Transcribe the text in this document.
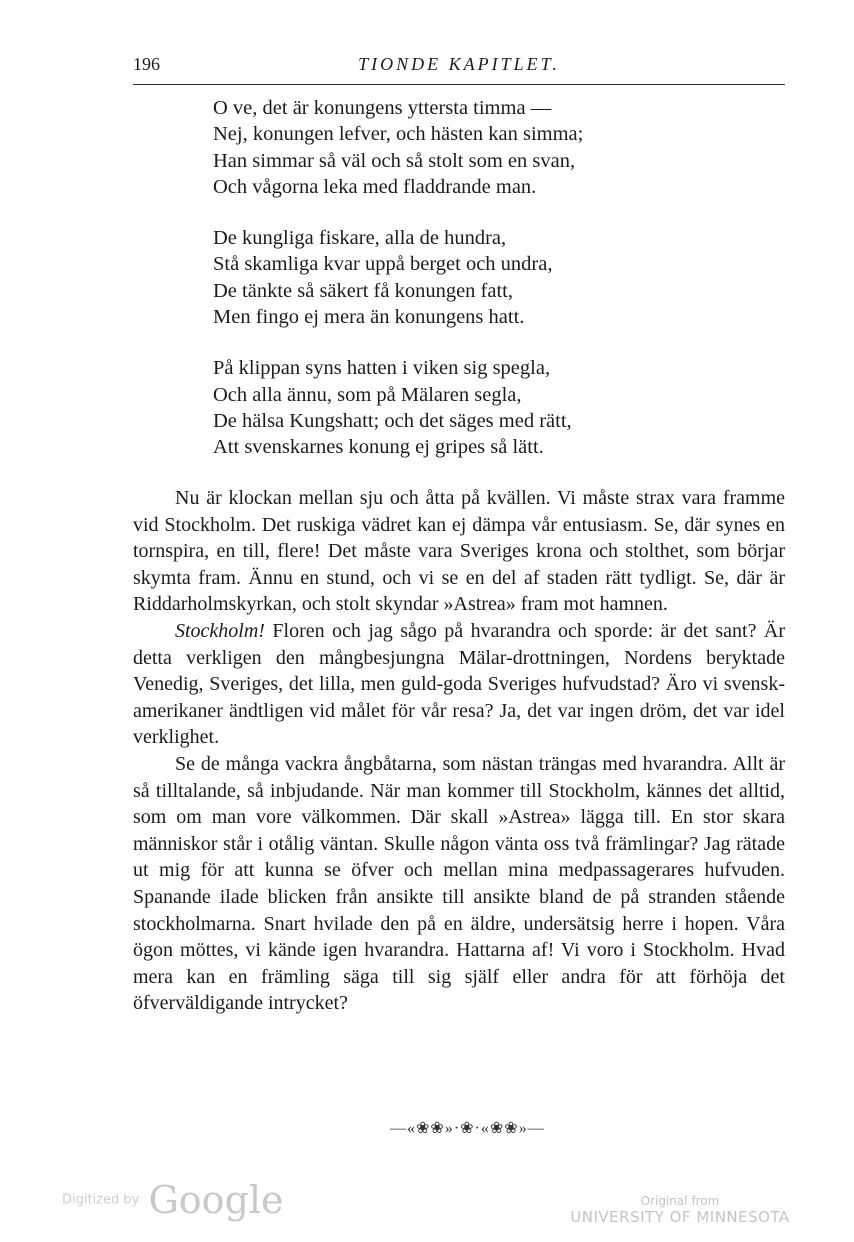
196	TIONDE KAPITLET.
O ve, det är konungens yttersta timma —
Nej, konungen lefver, och hästen kan simma;
Han simmar så väl och så stolt som en svan,
Och vågorna leka med fladdrande man.
De kungliga fiskare, alla de hundra,
Stå skamliga kvar uppå berget och undra,
De tänkte så säkert få konungen fatt,
Men fingo ej mera än konungens hatt.
På klippan syns hatten i viken sig spegla,
Och alla ännu, som på Mälaren segla,
De hälsa Kungshatt; och det säges med rätt,
Att svenskarnes konung ej gripes så lätt.

Nu är klockan mellan sju och åtta på kvällen. Vi måste strax vara framme vid Stockholm. Det ruskiga vädret kan ej dämpa vår entusiasm. Se, där synes en tornspira, en till, flere! Det måste vara Sveriges krona och stolthet, som börjar skymta fram. Ännu en stund, och vi se en del af staden rätt tydligt. Se, där är Riddarholmskyrkan, och stolt skyndar »Astrea» fram mot hamnen.

Stockholm! Floren och jag sågo på hvarandra och sporde: är det sant? Är detta verkligen den mångbesjungna Mälar-drottningen, Nordens beryktade Venedig, Sveriges, det lilla, men guld-goda Sveriges hufvudstad? Äro vi svensk-amerikaner ändtligen vid målet för vår resa? Ja, det var ingen dröm, det var idel verklighet.

Se de många vackra ångbåtarna, som nästan trängas med hvarandra. Allt är så tilltalande, så inbjudande. När man kommer till Stockholm, kännes det alltid, som om man vore välkommen. Där skall »Astrea» lägga till. En stor skara människor står i otålig väntan. Skulle någon vänta oss två främlingar? Jag rätade ut mig för att kunna se öfver och mellan mina medpassagerares hufvuden. Spanande ilade blicken från ansikte till ansikte bland de på stranden stående stockholmarna. Snart hvilade den på en äldre, undersätsig herre i hopen. Våra ögon möttes, vi kände igen hvarandra. Hattarna af! Vi voro i Stockholm. Hvad mera kan en främling säga till sig själf eller andra för att förhöja det öfverväldigande intrycket?

—«❀❀»·❀·«❀❀»—
Digitized by Google	Original from
UNIVERSITY OF MINNESOTA
